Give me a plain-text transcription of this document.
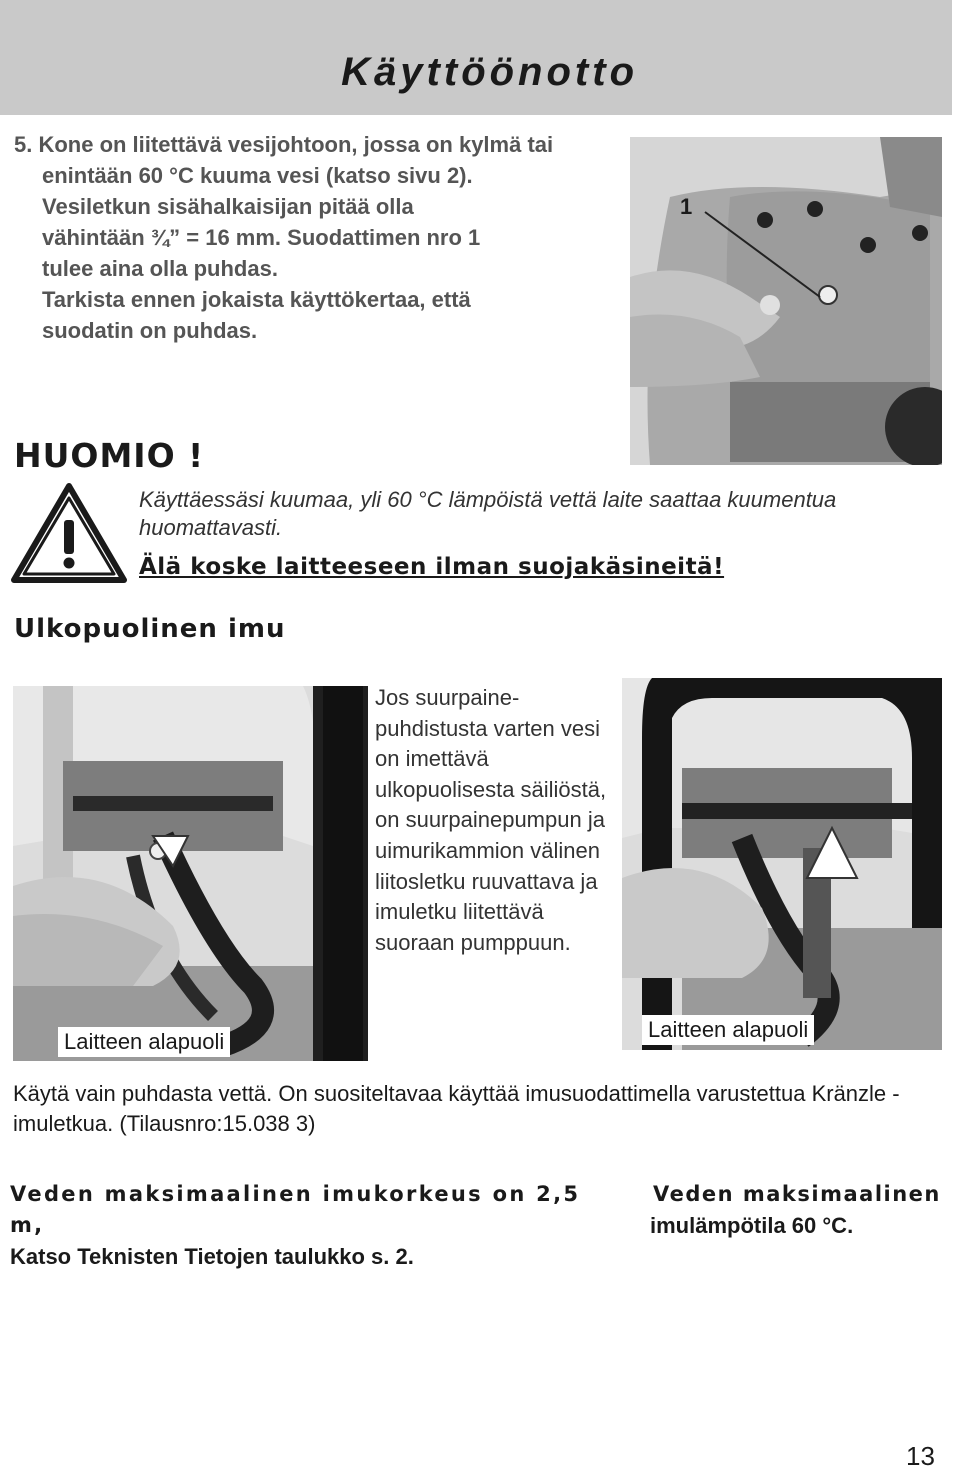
Käyttöönotto
5. Kone on liitettävä vesijohtoon, jossa on kylmä tai
enintään 60 °C kuuma vesi (katso sivu 2).
Vesiletkun sisähalkaisijan pitää olla
vähintään ¾” = 16 mm. Suodattimen nro 1
tulee aina olla puhdas.
Tarkista ennen jokaista käyttökertaa, että
suodatin on puhdas.
1
HUOMIO !
Käyttäessäsi kuumaa, yli 60 °C lämpöistä vettä laite saattaa kuumentua huomattavasti.
Älä koske laitteeseen ilman suojakäsineitä!
Ulkopuolinen imu
Laitteen alapuoli
Jos suurpaine-puhdistusta varten vesi on imettävä ulkopuolisesta säiliöstä, on suurpainepumpun ja uimurikammion välinen liitosletku ruuvattava ja imuletku liitettävä suoraan pumppuun.
Laitteen alapuoli
Käytä vain puhdasta vettä. On suositeltavaa käyttää imusuodattimella varustettua Kränzle -imuletkua. (Tilausnro:15.038 3)
Veden maksimaalinen imukorkeus on 2,5 m,
Katso Teknisten Tietojen taulukko s. 2.
Veden maksimaalinen
imulämpötila 60 °C.
13
